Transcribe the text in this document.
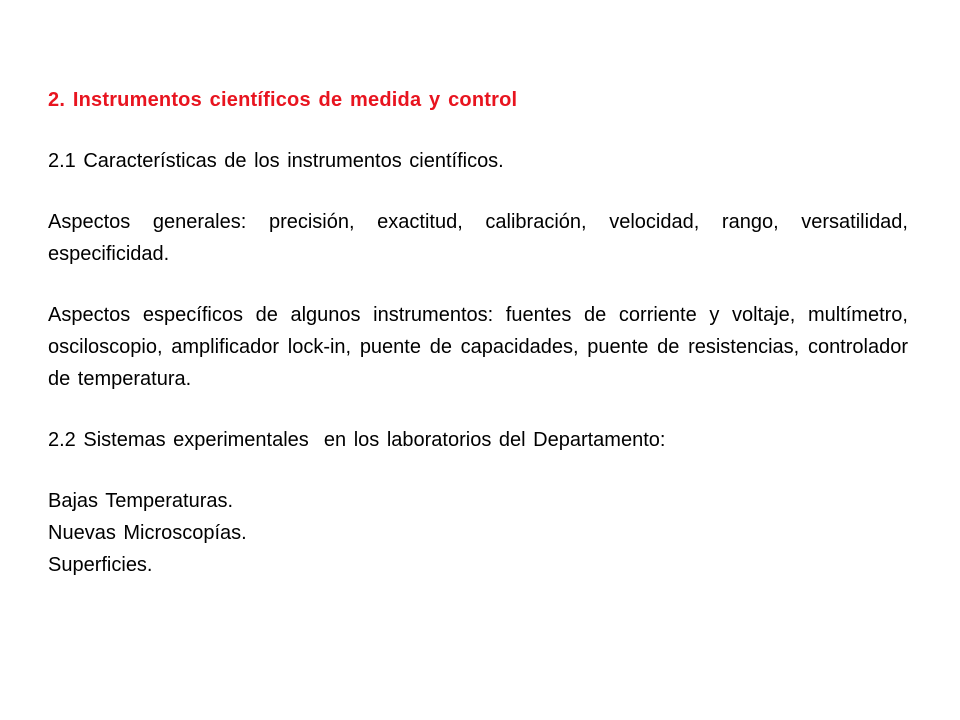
2. Instrumentos científicos de medida y control

2.1 Características de los instrumentos científicos.

Aspectos generales: precisión, exactitud, calibración, velocidad, rango, versatilidad, especificidad.

Aspectos específicos de algunos instrumentos: fuentes de corriente y voltaje, multímetro, osciloscopio, amplificador lock-in, puente de capacidades, puente de resistencias, controlador de temperatura.

2.2 Sistemas experimentales  en los laboratorios del Departamento:

Bajas Temperaturas.

Nuevas Microscopías.

Superficies.
